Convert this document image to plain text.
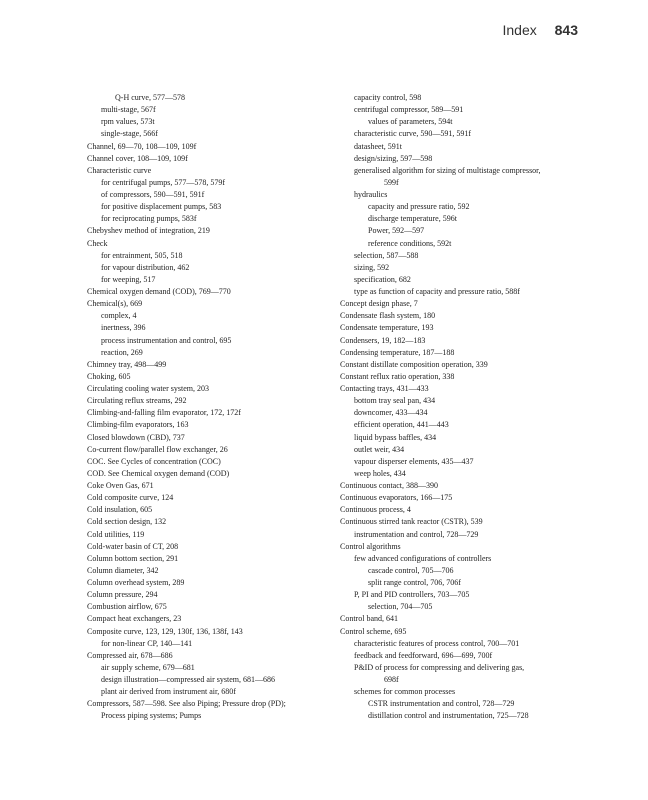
Index 843
Q-H curve, 577—578
multi-stage, 567f
rpm values, 573t
single-stage, 566f
Channel, 69—70, 108—109, 109f
Channel cover, 108—109, 109f
Characteristic curve
for centrifugal pumps, 577—578, 579f
of compressors, 590—591, 591f
for positive displacement pumps, 583
for reciprocating pumps, 583f
Chebyshev method of integration, 219
Check
for entrainment, 505, 518
for vapour distribution, 462
for weeping, 517
Chemical oxygen demand (COD), 769—770
Chemical(s), 669
complex, 4
inertness, 396
process instrumentation and control, 695
reaction, 269
Chimney tray, 498—499
Choking, 605
Circulating cooling water system, 203
Circulating reflux streams, 292
Climbing-and-falling film evaporator, 172, 172f
Climbing-film evaporators, 163
Closed blowdown (CBD), 737
Co-current flow/parallel flow exchanger, 26
COC. See Cycles of concentration (COC)
COD. See Chemical oxygen demand (COD)
Coke Oven Gas, 671
Cold composite curve, 124
Cold insulation, 605
Cold section design, 132
Cold utilities, 119
Cold-water basin of CT, 208
Column bottom section, 291
Column diameter, 342
Column overhead system, 289
Column pressure, 294
Combustion airflow, 675
Compact heat exchangers, 23
Composite curve, 123, 129, 130f, 136, 138f, 143
for non-linear CP, 140—141
Compressed air, 678—686
air supply scheme, 679—681
design illustration—compressed air system, 681—686
plant air derived from instrument air, 680f
Compressors, 587—598. See also Piping; Pressure drop (PD);
Process piping systems; Pumps
capacity control, 598
centrifugal compressor, 589—591
values of parameters, 594t
characteristic curve, 590—591, 591f
datasheet, 591t
design/sizing, 597—598
generalised algorithm for sizing of multistage compressor,
599f
hydraulics
capacity and pressure ratio, 592
discharge temperature, 596t
Power, 592—597
reference conditions, 592t
selection, 587—588
sizing, 592
specification, 682
type as function of capacity and pressure ratio, 588f
Concept design phase, 7
Condensate flash system, 180
Condensate temperature, 193
Condensers, 19, 182—183
Condensing temperature, 187—188
Constant distillate composition operation, 339
Constant reflux ratio operation, 338
Contacting trays, 431—433
bottom tray seal pan, 434
downcomer, 433—434
efficient operation, 441—443
liquid bypass baffles, 434
outlet weir, 434
vapour disperser elements, 435—437
weep holes, 434
Continuous contact, 388—390
Continuous evaporators, 166—175
Continuous process, 4
Continuous stirred tank reactor (CSTR), 539
instrumentation and control, 728—729
Control algorithms
few advanced configurations of controllers
cascade control, 705—706
split range control, 706, 706f
P, PI and PID controllers, 703—705
selection, 704—705
Control band, 641
Control scheme, 695
characteristic features of process control, 700—701
feedback and feedforward, 696—699, 700f
P&ID of process for compressing and delivering gas,
698f
schemes for common processes
CSTR instrumentation and control, 728—729
distillation control and instrumentation, 725—728
